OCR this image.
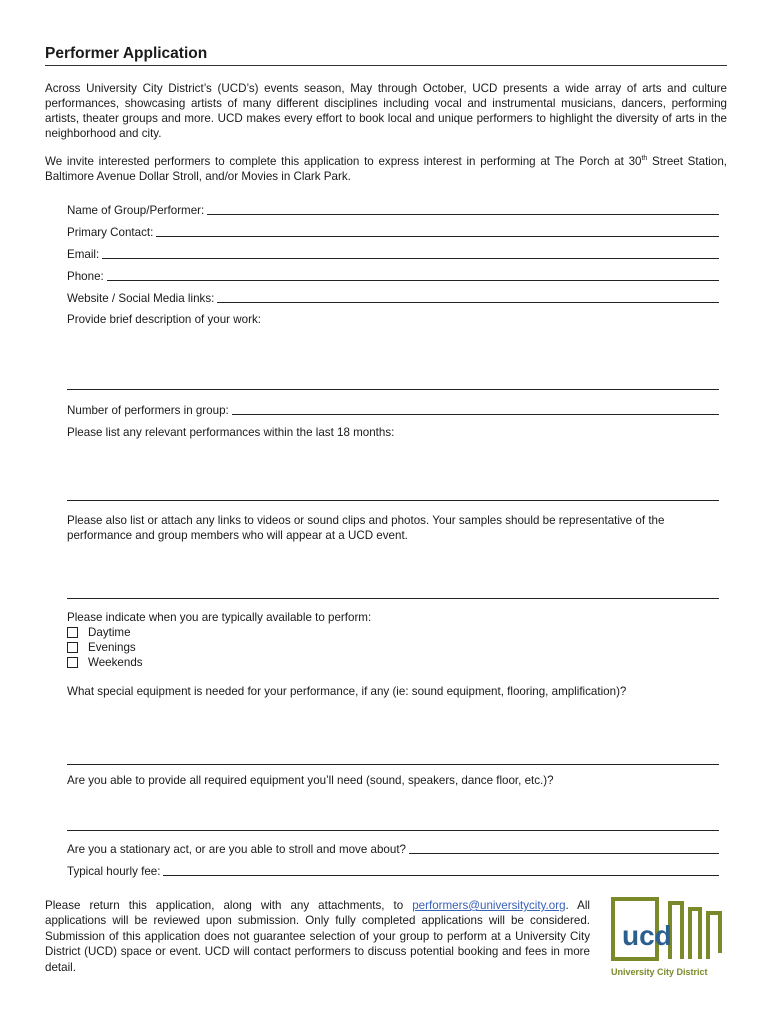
Performer Application
Across University City District’s (UCD’s) events season, May through October, UCD presents a wide array of arts and culture performances, showcasing artists of many different disciplines including vocal and instrumental musicians, dancers, performing artists, theater groups and more. UCD makes every effort to book local and unique performers to highlight the diversity of arts in the neighborhood and city.
We invite interested performers to complete this application to express interest in performing at The Porch at 30th Street Station, Baltimore Avenue Dollar Stroll, and/or Movies in Clark Park.
Name of Group/Performer:
Primary Contact:
Email:
Phone:
Website / Social Media links:
Provide brief description of your work:
Number of performers in group:
Please list any relevant performances within the last 18 months:
Please also list or attach any links to videos or sound clips and photos. Your samples should be representative of the performance and group members who will appear at a UCD event.
Please indicate when you are typically available to perform:
Daytime
Evenings
Weekends
What special equipment is needed for your performance, if any (ie: sound equipment, flooring, amplification)?
Are you able to provide all required equipment you’ll need (sound, speakers, dance floor, etc.)?
Are you a stationary act, or are you able to stroll and move about?
Typical hourly fee:
Please return this application, along with any attachments, to performers@universitycity.org. All applications will be reviewed upon submission. Only fully completed applications will be considered. Submission of this application does not guarantee selection of your group to perform at a University City District (UCD) space or event. UCD will contact performers to discuss potential booking and fees in more detail.
ucd
University City District
